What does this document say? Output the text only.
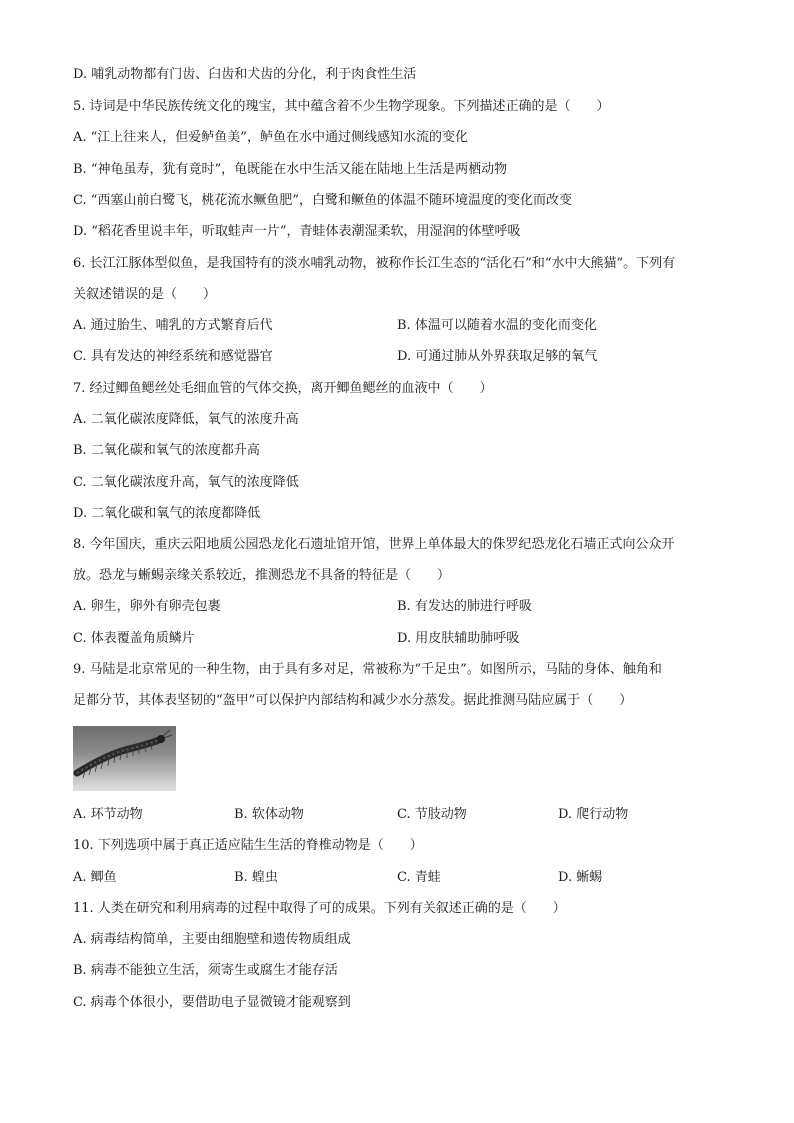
D. 哺乳动物都有门齿、臼齿和犬齿的分化，利于肉食性生活
5. 诗词是中华民族传统文化的瑰宝，其中蕴含着不少生物学现象。下列描述正确的是（　　）
A. “江上往来人，但爱鲈鱼美”，鲈鱼在水中通过侧线感知水流的变化
B. “神龟虽寿，犹有竟时”，龟既能在水中生活又能在陆地上生活是两栖动物
C. “西塞山前白鹭飞，桃花流水鳜鱼肥”，白鹭和鳜鱼的体温不随环境温度的变化而改变
D. “稻花香里说丰年，听取蛙声一片”，青蛙体表潮湿柔软，用湿润的体壁呼吸
6. 长江江豚体型似鱼，是我国特有的淡水哺乳动物，被称作长江生态的“活化石”和“水中大熊猫”。下列有
关叙述错误的是（　　）
A. 通过胎生、哺乳的方式繁育后代	B. 体温可以随着水温的变化而变化
C. 具有发达的神经系统和感觉器官	D. 可通过肺从外界获取足够的氧气
7. 经过鲫鱼鳃丝处毛细血管的气体交换，离开鲫鱼鳃丝的血液中（　　）
A. 二氧化碳浓度降低，氧气的浓度升高
B. 二氧化碳和氧气的浓度都升高
C. 二氧化碳浓度升高，氧气的浓度降低
D. 二氧化碳和氧气的浓度都降低
8. 今年国庆，重庆云阳地质公园恐龙化石遗址馆开馆，世界上单体最大的侏罗纪恐龙化石墙正式向公众开
放。恐龙与蜥蜴亲缘关系较近，推测恐龙不具备的特征是（　　）
A. 卵生，卵外有卵壳包裹	B. 有发达的肺进行呼吸
C. 体表覆盖角质鳞片	D. 用皮肤辅助肺呼吸
9. 马陆是北京常见的一种生物，由于具有多对足，常被称为“千足虫”。如图所示，马陆的身体、触角和
足都分节，其体表坚韧的“盔甲”可以保护内部结构和减少水分蒸发。据此推测马陆应属于（　　）
A. 环节动物	B. 软体动物	C. 节肢动物	D. 爬行动物
10. 下列选项中属于真正适应陆生生活的脊椎动物是（　　）
A. 鲫鱼	B. 蝗虫	C. 青蛙	D. 蜥蜴
11. 人类在研究和利用病毒的过程中取得了可的成果。下列有关叙述正确的是（　　）
A. 病毒结构简单，主要由细胞壁和遗传物质组成
B. 病毒不能独立生活，须寄生或腐生才能存活
C. 病毒个体很小，要借助电子显微镜才能观察到
